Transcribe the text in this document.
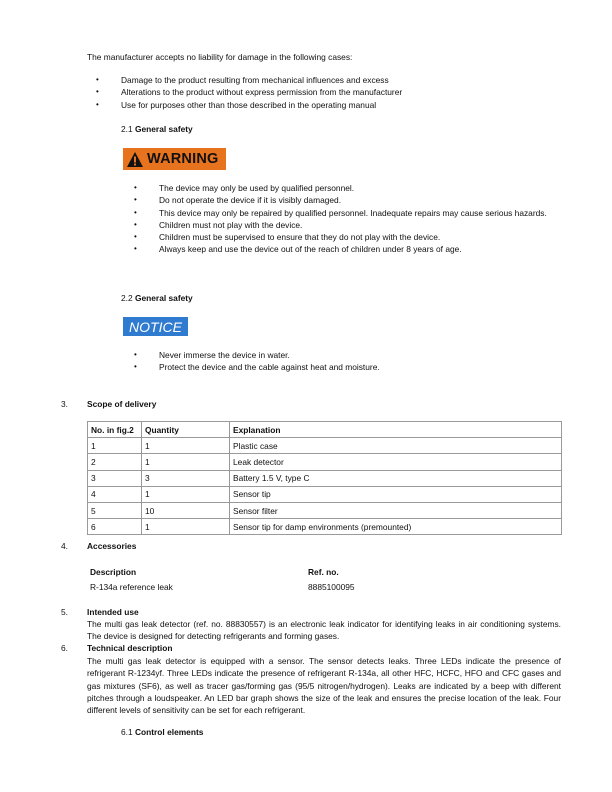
The manufacturer accepts no liability for damage in the following cases:
•	Damage to the product resulting from mechanical influences and excess
•	Alterations to the product without express permission from the manufacturer
•	Use for purposes other than those described in the operating manual
2.1 General safety
WARNING
•	The device may only be used by qualified personnel.
•	Do not operate the device if it is visibly damaged.
•	This device may only be repaired by qualified personnel. Inadequate repairs may cause serious hazards.
•	Children must not play with the device.
•	Children must be supervised to ensure that they do not play with the device.
•	Always keep and use the device out of the reach of children under 8 years of age.
2.2 General safety
NOTICE
•	Never immerse the device in water.
•	Protect the device and the cable against heat and moisture.
3. Scope of delivery
No. in fig.2	Quantity	Explanation
1	1	Plastic case
2	1	Leak detector
3	3	Battery 1.5 V, type C
4	1	Sensor tip
5	10	Sensor filter
6	1	Sensor tip for damp environments (premounted)
4. Accessories
Description	Ref. no.
R-134a reference leak	8885100095
5. Intended use
The multi gas leak detector (ref. no. 88830557) is an electronic leak indicator for identifying leaks in air conditioning systems. The device is designed for detecting refrigerants and forming gases.
6. Technical description
The multi gas leak detector is equipped with a sensor. The sensor detects leaks. Three LEDs indicate the presence of refrigerant R-1234yf. Three LEDs indicate the presence of refrigerant R-134a, all other HFC, HCFC, HFO and CFC gases and gas mixtures (SF6), as well as tracer gas/forming gas (95/5 nitrogen/hydrogen). Leaks are indicated by a beep with different pitches through a loudspeaker. An LED bar graph shows the size of the leak and ensures the precise location of the leak. Four different levels of sensitivity can be set for each refrigerant.
6.1 Control elements
